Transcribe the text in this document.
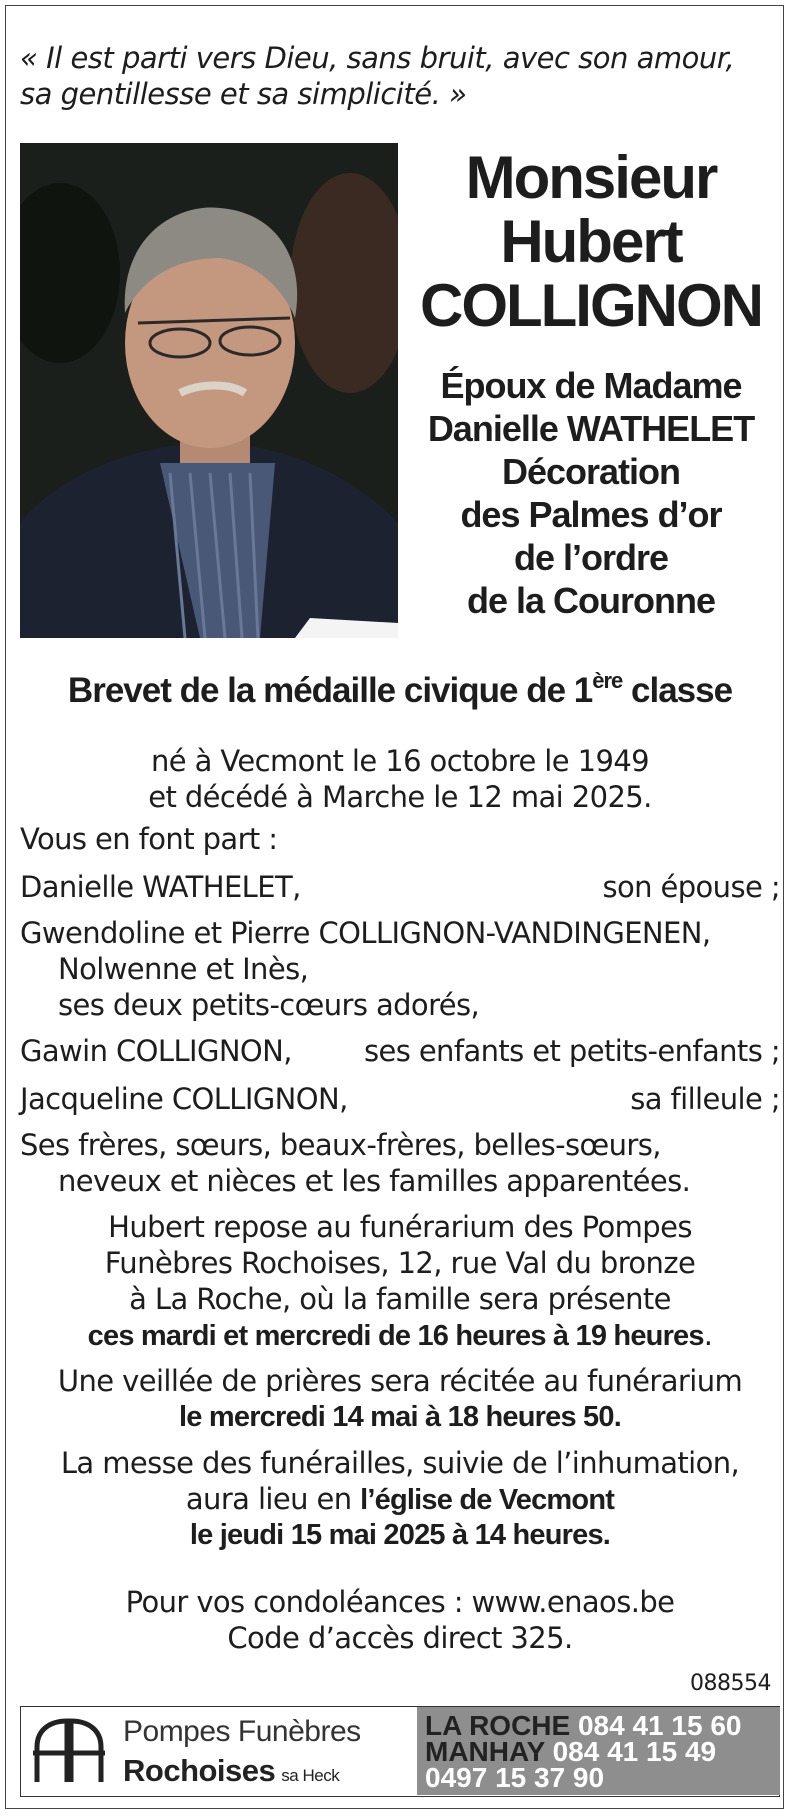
« Il est parti vers Dieu, sans bruit, avec son amour,
sa gentillesse et sa simplicité. »
Monsieur
Hubert
COLLIGNON
Époux de Madame
Danielle WATHELET
Décoration
des Palmes d’or
de l’ordre
de la Couronne
Brevet de la médaille civique de 1ère classe
né à Vecmont le 16 octobre le 1949
et décédé à Marche le 12 mai 2025.
Vous en font part :
Danielle WATHELET,	son épouse ;
Gwendoline et Pierre COLLIGNON-VANDINGENEN,
Nolwenne et Inès,
ses deux petits-cœurs adorés,
Gawin COLLIGNON, ses enfants et petits-enfants ;
Jacqueline COLLIGNON,	sa filleule ;
Ses frères, sœurs, beaux-frères, belles-sœurs,
neveux et nièces et les familles apparentées.
Hubert repose au funérarium des Pompes
Funèbres Rochoises, 12, rue Val du bronze
à La Roche, où la famille sera présente
ces mardi et mercredi de 16 heures à 19 heures.
Une veillée de prières sera récitée au funérarium
le mercredi 14 mai à 18 heures 50.
La messe des funérailles, suivie de l’inhumation,
aura lieu en l’église de Vecmont
le jeudi 15 mai 2025 à 14 heures.
Pour vos condoléances : www.enaos.be
Code d’accès direct 325.
088554
Pompes Funèbres
Rochoises sa Heck
LA ROCHE 084 41 15 60
MANHAY 084 41 15 49
0497 15 37 90
